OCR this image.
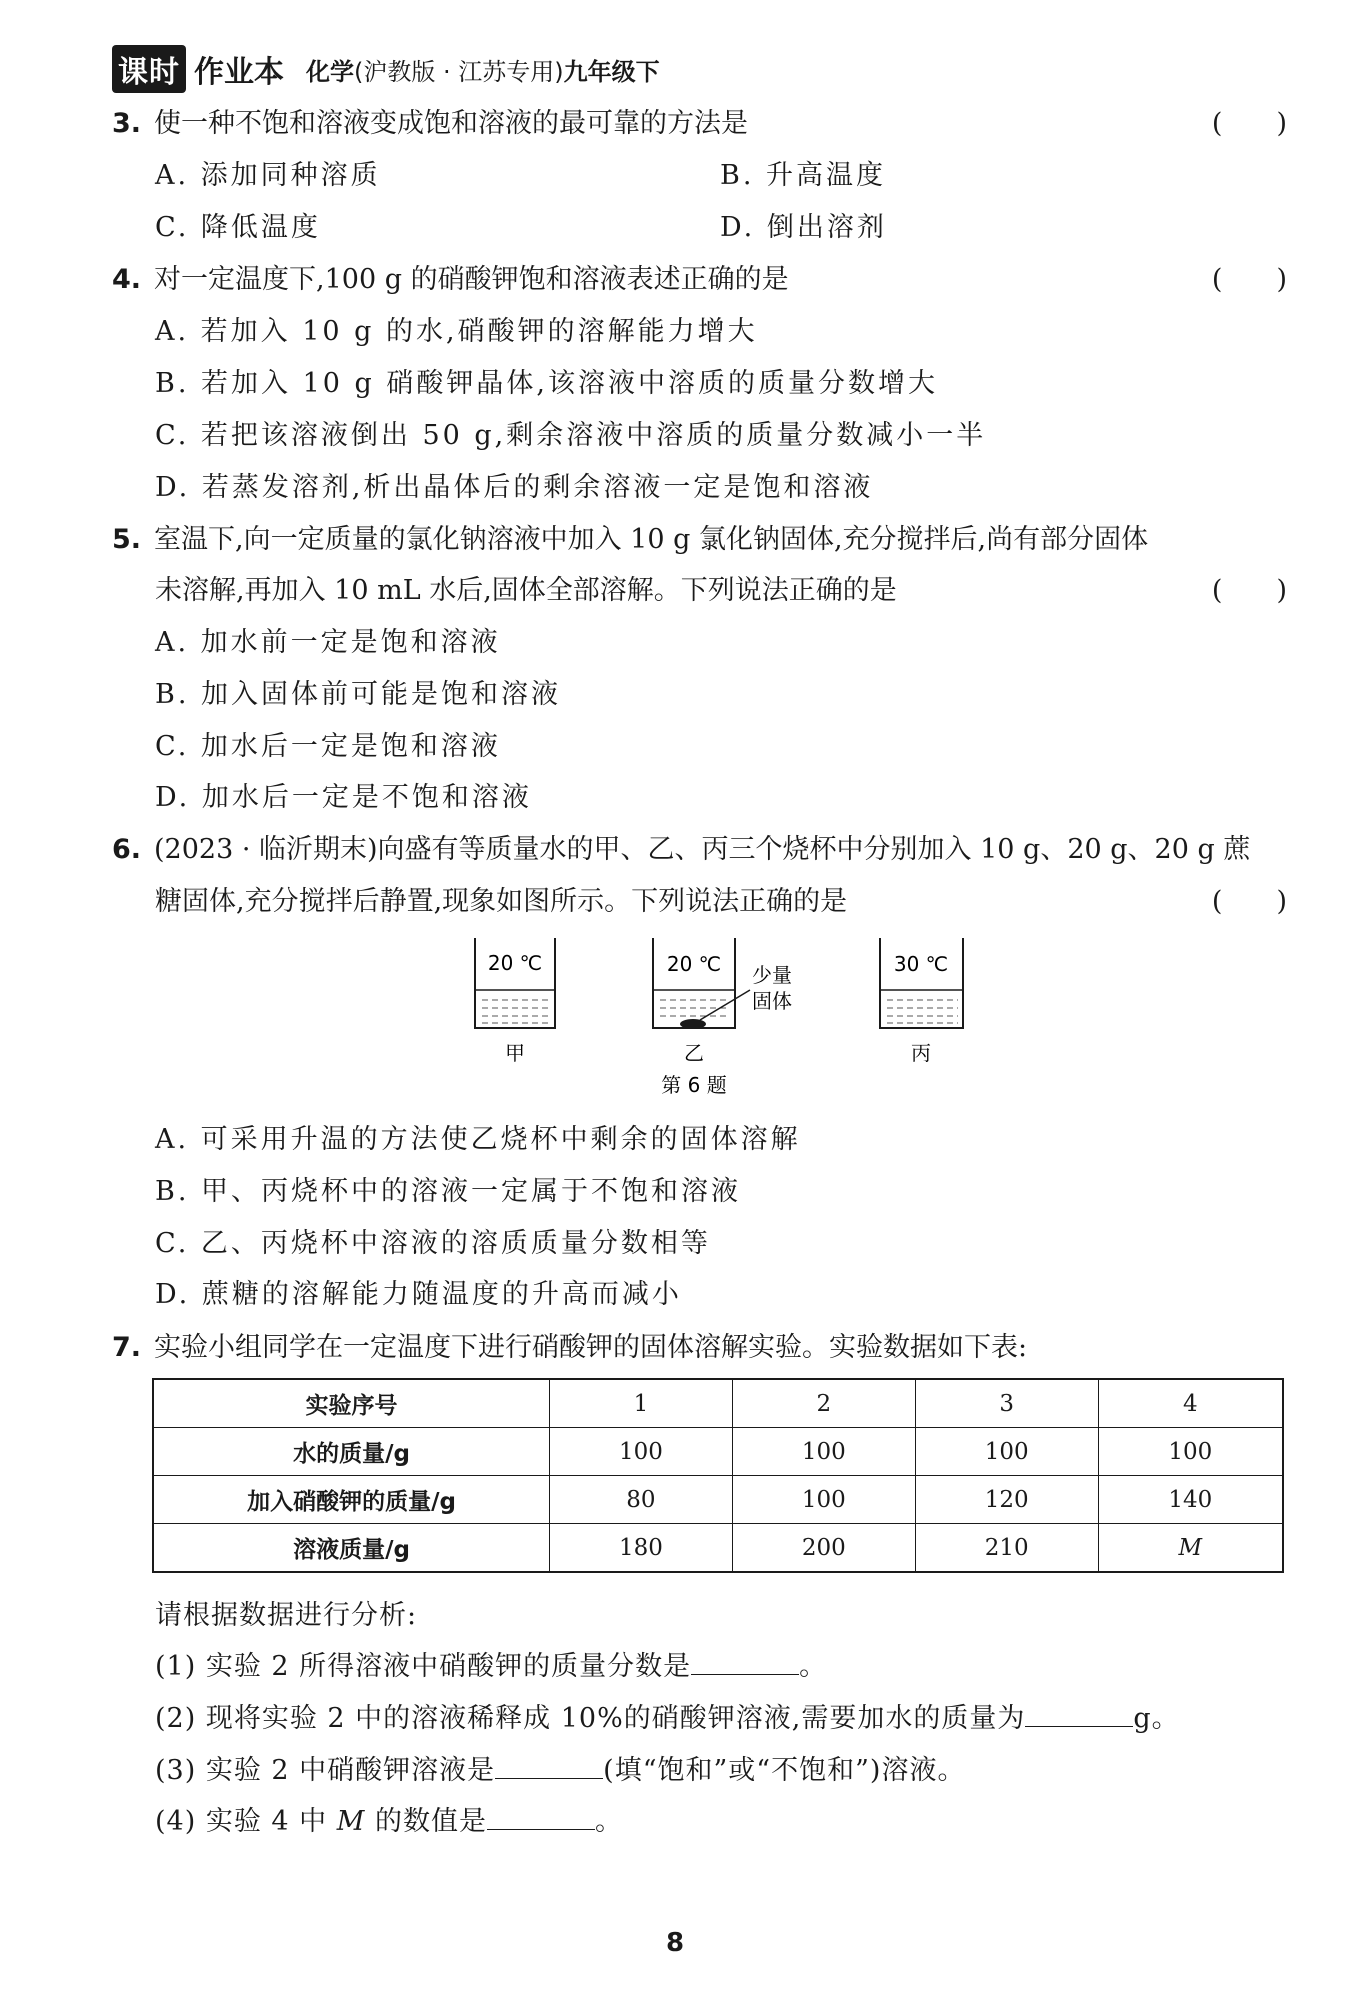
课时 作业本 化学(沪教版 · 江苏专用)九年级下
3. 使一种不饱和溶液变成饱和溶液的最可靠的方法是	(　　)
A. 添加同种溶质	B. 升高温度
C. 降低温度	D. 倒出溶剂
4. 对一定温度下,100 g 的硝酸钾饱和溶液表述正确的是	(　　)
A. 若加入 10 g 的水,硝酸钾的溶解能力增大
B. 若加入 10 g 硝酸钾晶体,该溶液中溶质的质量分数增大
C. 若把该溶液倒出 50 g,剩余溶液中溶质的质量分数减小一半
D. 若蒸发溶剂,析出晶体后的剩余溶液一定是饱和溶液
5. 室温下,向一定质量的氯化钠溶液中加入 10 g 氯化钠固体,充分搅拌后,尚有部分固体
未溶解,再加入 10 mL 水后,固体全部溶解。下列说法正确的是	(　　)
A. 加水前一定是饱和溶液
B. 加入固体前可能是饱和溶液
C. 加水后一定是饱和溶液
D. 加水后一定是不饱和溶液
6. (2023 · 临沂期末)向盛有等质量水的甲、乙、丙三个烧杯中分别加入 10 g、20 g、20 g 蔗
糖固体,充分搅拌后静置,现象如图所示。下列说法正确的是	(　　)
20 ℃
甲
20 ℃ 少量
固体
乙
第 6 题
30 ℃
丙
A. 可采用升温的方法使乙烧杯中剩余的固体溶解
B. 甲、丙烧杯中的溶液一定属于不饱和溶液
C. 乙、丙烧杯中溶液的溶质质量分数相等
D. 蔗糖的溶解能力随温度的升高而减小
7. 实验小组同学在一定温度下进行硝酸钾的固体溶解实验。实验数据如下表:
实验序号	1	2	3	4
水的质量/g	100	100	100	100
加入硝酸钾的质量/g	80	100	120	140
溶液质量/g	180	200	210	M
请根据数据进行分析:
(1) 实验 2 所得溶液中硝酸钾的质量分数是	。
(2) 现将实验 2 中的溶液稀释成 10%的硝酸钾溶液,需要加水的质量为	g。
(3) 实验 2 中硝酸钾溶液是	(填“饱和”或“不饱和”)溶液。
(4) 实验 4 中 M 的数值是	。
8
